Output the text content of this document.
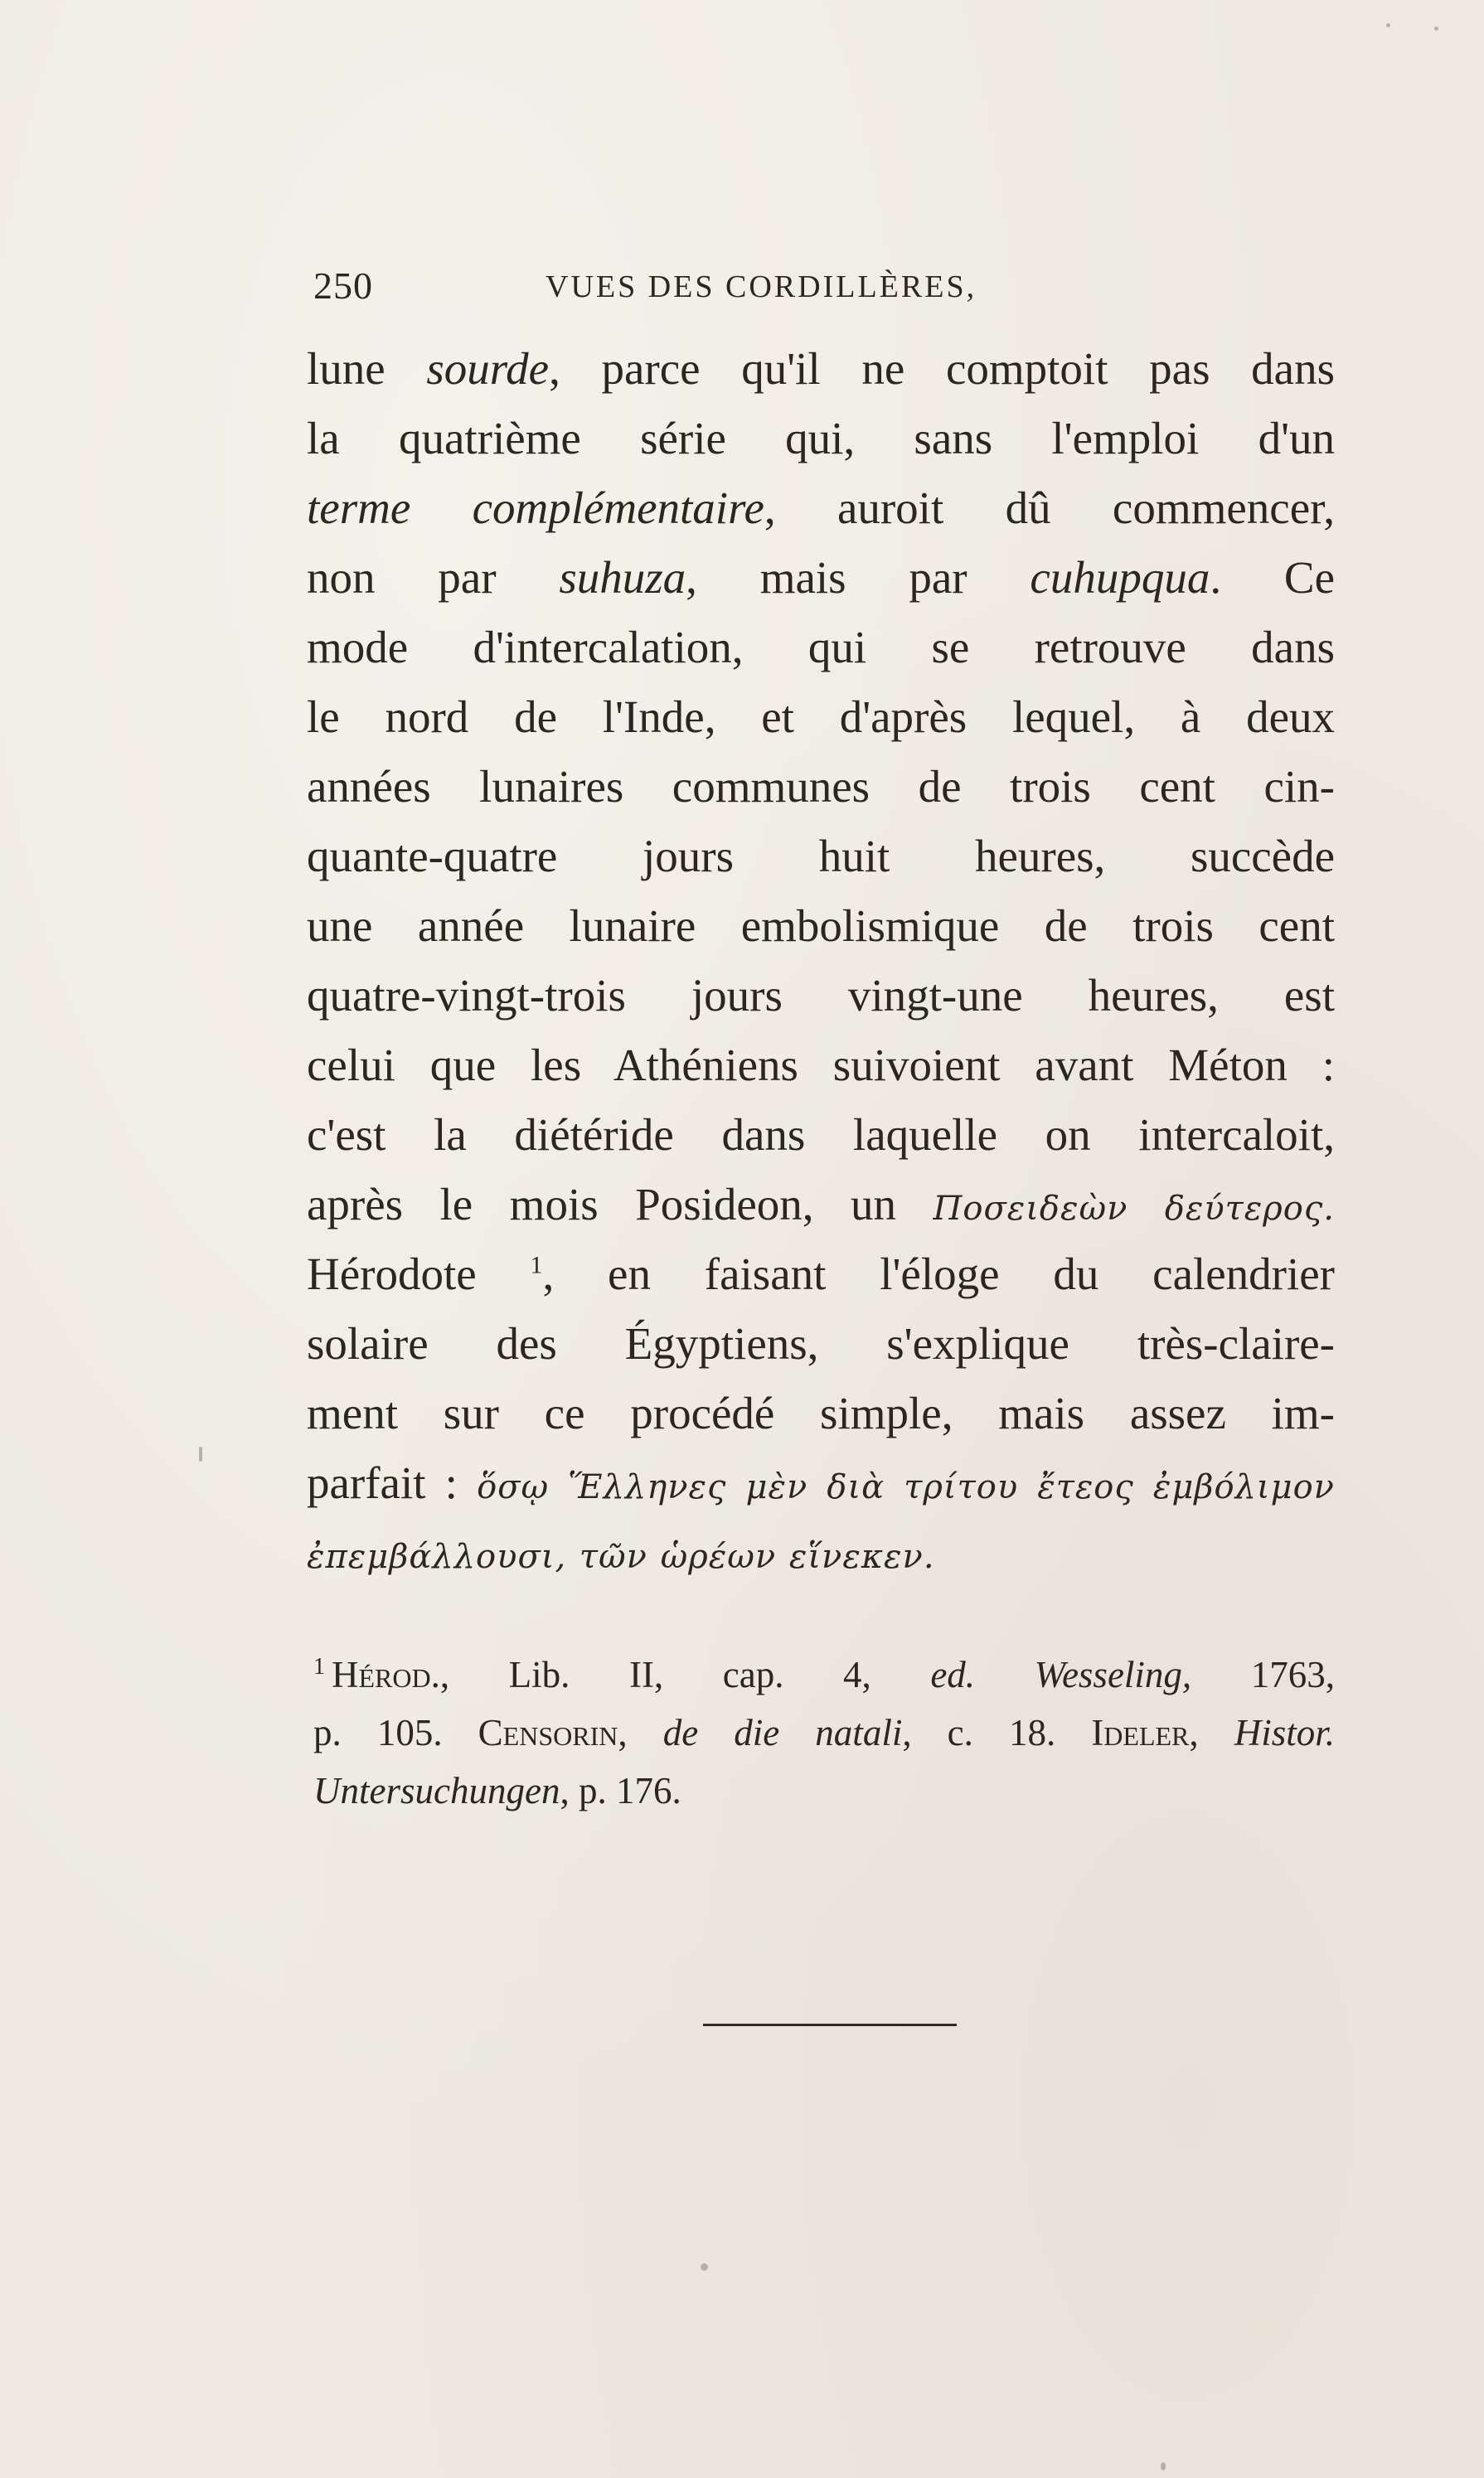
250	VUES DES CORDILLÈRES,
lune sourde, parce qu'il ne comptoit pas dans
la quatrième série qui, sans l'emploi d'un
terme complémentaire, auroit dû commencer,
non par suhuza, mais par cuhupqua. Ce
mode d'intercalation, qui se retrouve dans
le nord de l'Inde, et d'après lequel, à deux
années lunaires communes de trois cent cin-
quante-quatre jours huit heures, succède
une année lunaire embolismique de trois cent
quatre-vingt-trois jours vingt-une heures, est
celui que les Athéniens suivoient avant Méton :
c'est la diétéride dans laquelle on intercaloit,
après le mois Posideon, un Ποσειδεὼν δεύτερος.
Hérodote $^1$, en faisant l'éloge du calendrier
solaire des Égyptiens, s'explique très-claire-
ment sur ce procédé simple, mais assez im-
parfait : ὅσῳ Ἕλληνες μὲν διὰ τρίτου ἔτεος ἐμβόλιμον
ἐπεμβάλλουσι, τῶν ὡρέων εἵνεκεν.
$^1$ Hérod., Lib. II, cap. 4, ed. Wesseling, 1763,
p. 105. Censorin, de die natali, c. 18. Ideler, Histor.
Untersuchungen, p. 176.
